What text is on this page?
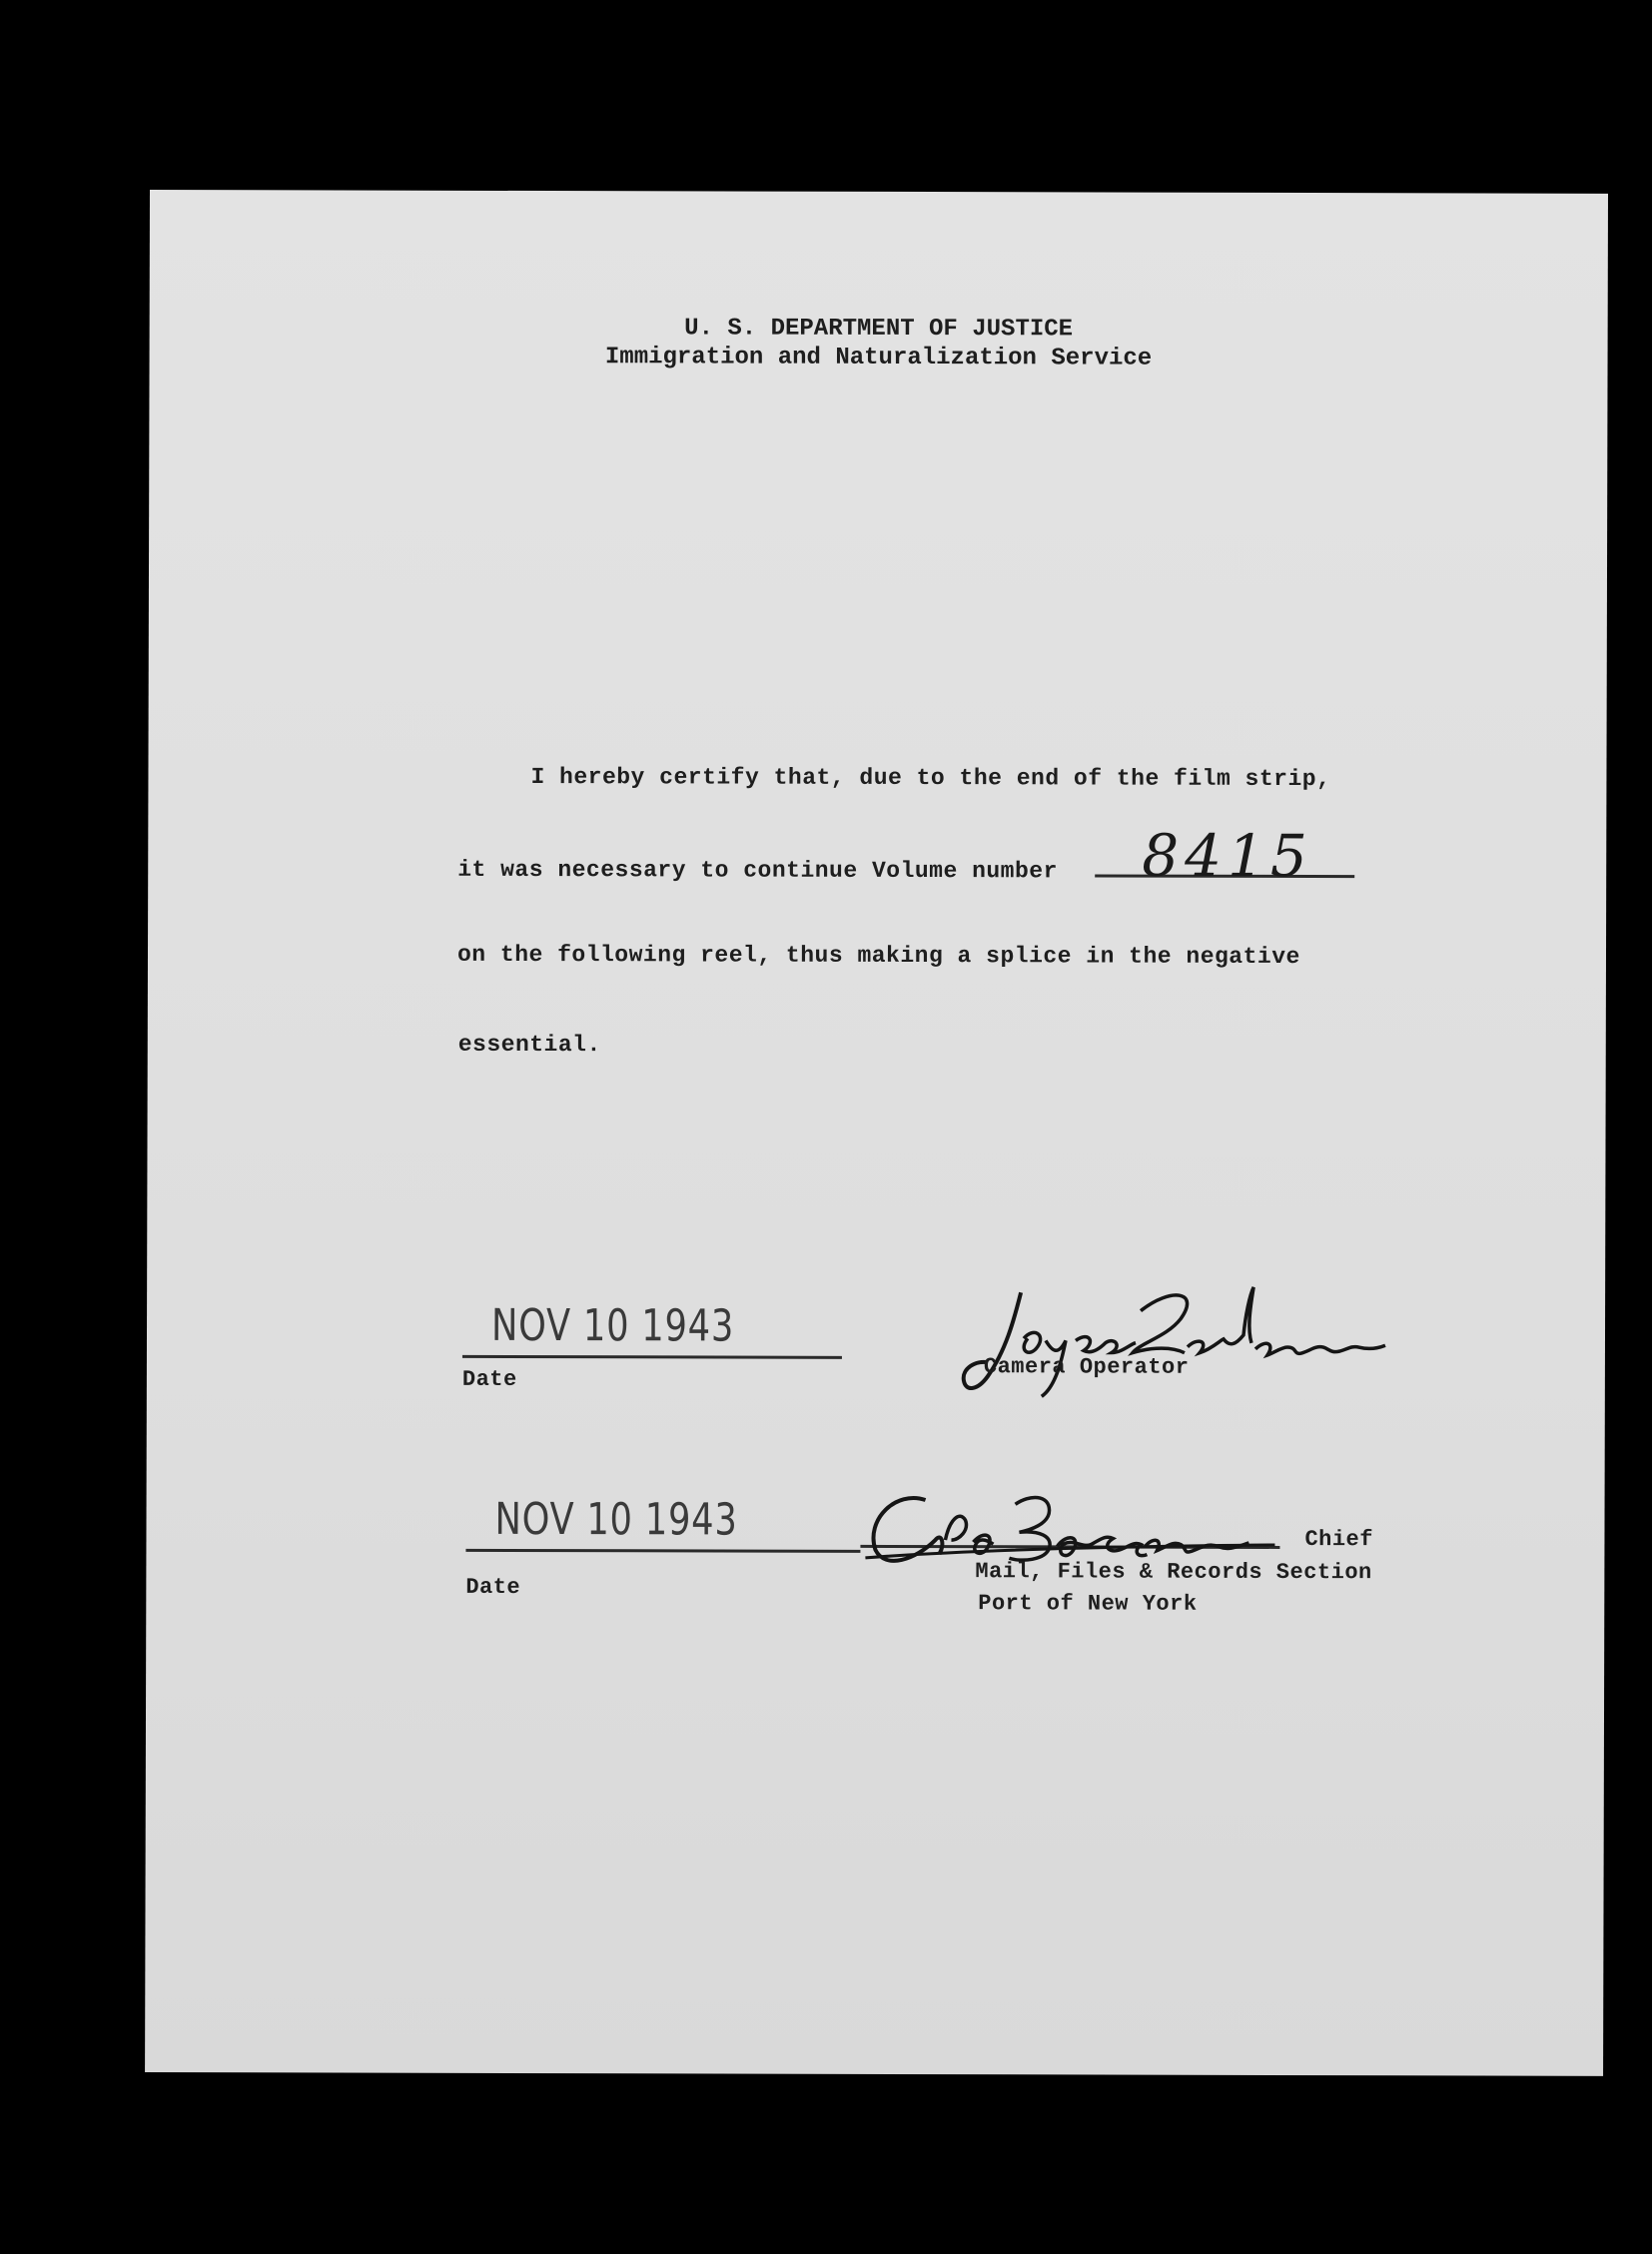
U. S. DEPARTMENT OF JUSTICE
Immigration and Naturalization Service
I hereby certify that, due to the end of the film strip,
it was necessary to continue Volume number 8415
on the following reel, thus making a splice in the negative
essential.
NOV 10 1943
Date	Camera Operator
NOV 10 1943
Date
Chief
Mail, Files & Records Section
Port of New York
